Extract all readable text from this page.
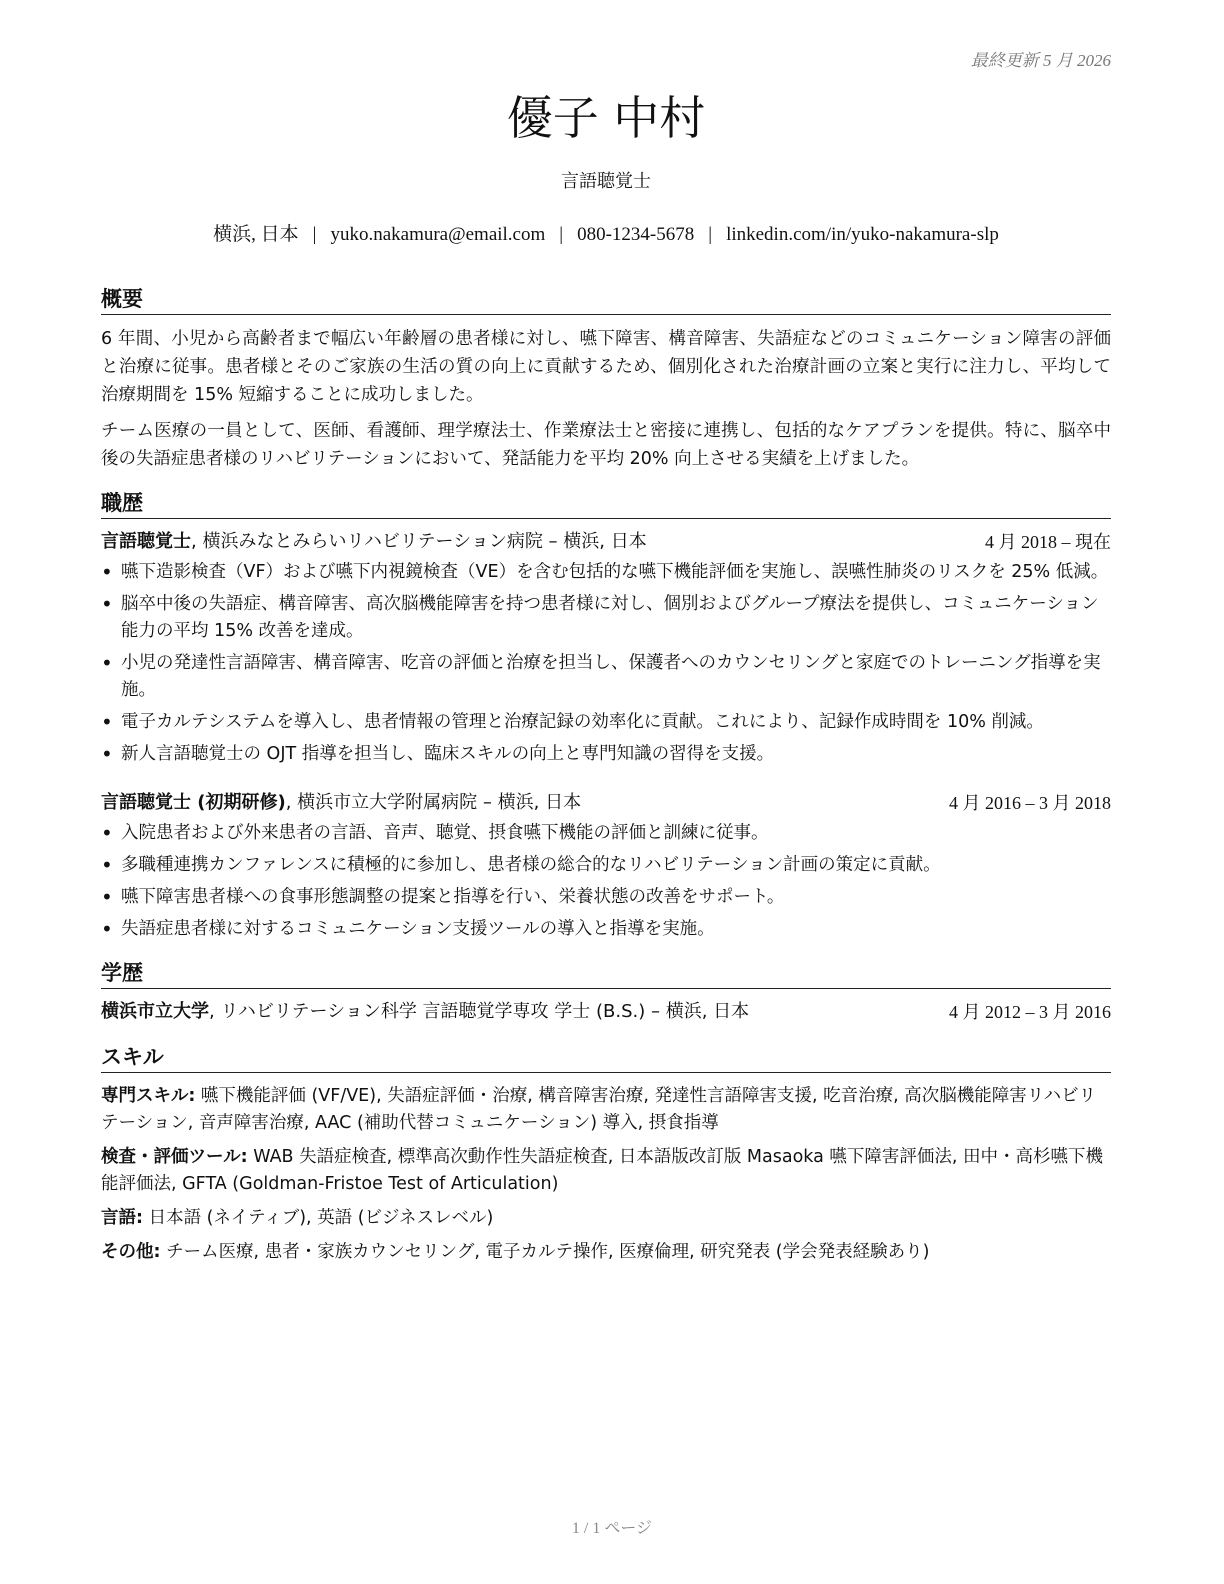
最終更新 5 月 2026
優子 中村
言語聴覚士
横浜, 日本 | yuko.nakamura@email.com | 080-1234-5678 | linkedin.com/in/yuko-nakamura-slp
概要

6 年間、小児から高齢者まで幅広い年齢層の患者様に対し、嚥下障害、構音障害、失語症などのコミュニケーション障害の評価と治療に従事。患者様とそのご家族の生活の質の向上に貢献するため、個別化された治療計画の立案と実行に注力し、平均して治療期間を 15% 短縮することに成功しました。

チーム医療の一員として、医師、看護師、理学療法士、作業療法士と密接に連携し、包括的なケアプランを提供。特に、脳卒中後の失語症患者様のリハビリテーションにおいて、発話能力を平均 20% 向上させる実績を上げました。

職歴
言語聴覚士, 横浜みなとみらいリハビリテーション病院 – 横浜, 日本	4 月 2018 – 現在
• 嚥下造影検査（VF）および嚥下内視鏡検査（VE）を含む包括的な嚥下機能評価を実施し、誤嚥性肺炎のリスクを 25% 低減。
• 脳卒中後の失語症、構音障害、高次脳機能障害を持つ患者様に対し、個別およびグループ療法を提供し、コミュニケーション能力の平均 15% 改善を達成。
• 小児の発達性言語障害、構音障害、吃音の評価と治療を担当し、保護者へのカウンセリングと家庭でのトレーニング指導を実施。
• 電子カルテシステムを導入し、患者情報の管理と治療記録の効率化に貢献。これにより、記録作成時間を 10% 削減。
• 新人言語聴覚士の OJT 指導を担当し、臨床スキルの向上と専門知識の習得を支援。
言語聴覚士 (初期研修), 横浜市立大学附属病院 – 横浜, 日本	4 月 2016 – 3 月 2018
• 入院患者および外来患者の言語、音声、聴覚、摂食嚥下機能の評価と訓練に従事。
• 多職種連携カンファレンスに積極的に参加し、患者様の総合的なリハビリテーション計画の策定に貢献。
• 嚥下障害患者様への食事形態調整の提案と指導を行い、栄養状態の改善をサポート。
• 失語症患者様に対するコミュニケーション支援ツールの導入と指導を実施。
学歴
横浜市立大学, リハビリテーション科学 言語聴覚学専攻 学士 (B.S.) – 横浜, 日本	4 月 2012 – 3 月 2016
スキル

専門スキル: 嚥下機能評価 (VF/VE), 失語症評価・治療, 構音障害治療, 発達性言語障害支援, 吃音治療, 高次脳機能障害リハビリテーション, 音声障害治療, AAC (補助代替コミュニケーション) 導入, 摂食指導

検査・評価ツール: WAB 失語症検査, 標準高次動作性失語症検査, 日本語版改訂版 Masaoka 嚥下障害評価法, 田中・高杉嚥下機能評価法, GFTA (Goldman-Fristoe Test of Articulation)

言語: 日本語 (ネイティブ), 英語 (ビジネスレベル)

その他: チーム医療, 患者・家族カウンセリング, 電子カルテ操作, 医療倫理, 研究発表 (学会発表経験あり)

1 / 1 ページ
